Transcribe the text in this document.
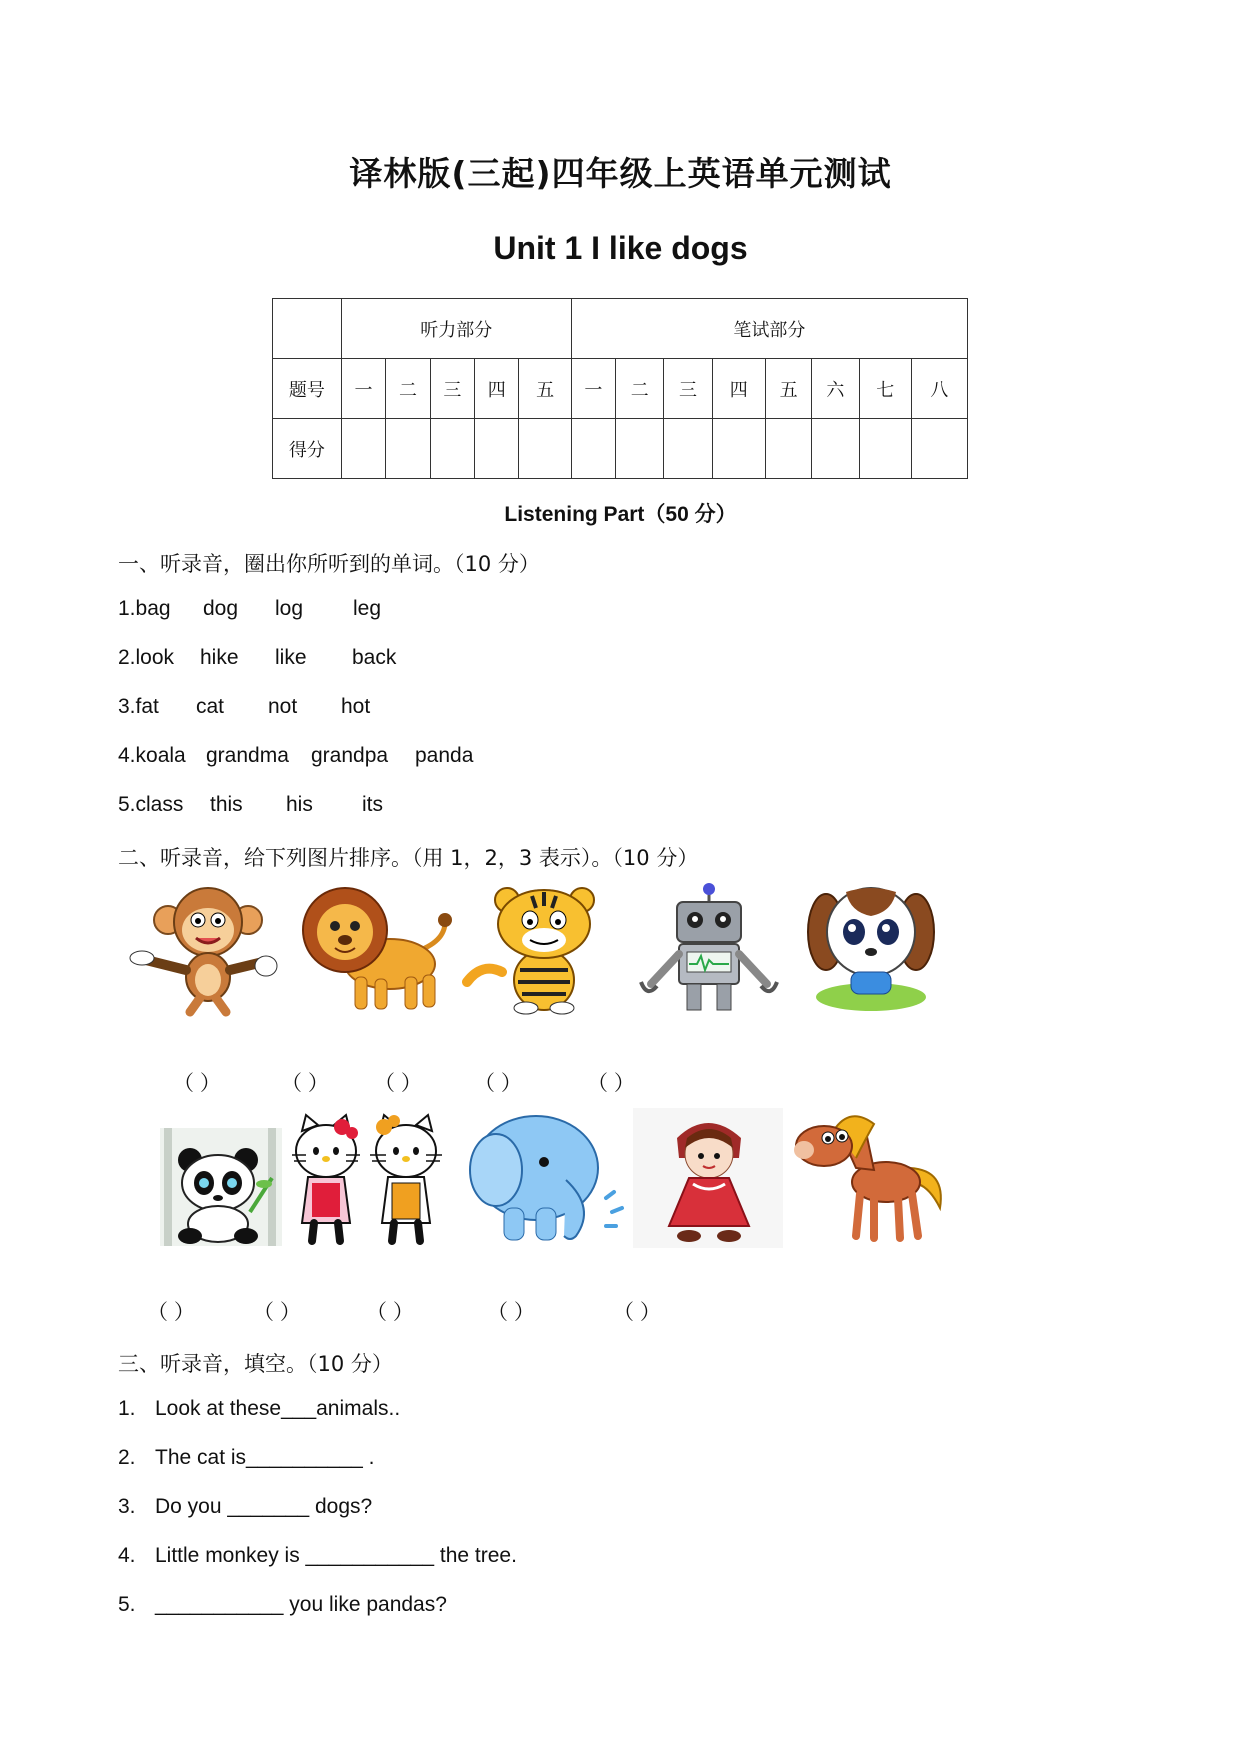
译林版(三起)四年级上英语单元测试
Unit 1 I like dogs
	听力部分					笔试部分							
题号	一	二	三	四	五	一	二	三	四	五	六	七	八
得分													
Listening Part（50 分）
一、听录音，圈出你所听到的单词。（10 分）
1.bag dog log leg
2.look hike like back
3.fat cat not hot
4.koala grandma grandpa panda
5.class this his its
二、听录音，给下列图片排序。（用 1，2，3 表示）。（10 分）
（ ）	（ ） （ ） （ ）	（ ）
（ ）	（ ）	（ ）	（ ）	（ ）
三、听录音，填空。（10 分）
1. Look at these___animals..
2. The cat is__________ .
3. Do you _______ dogs?
4. Little monkey is ___________ the tree.
5. ___________ you like pandas?
